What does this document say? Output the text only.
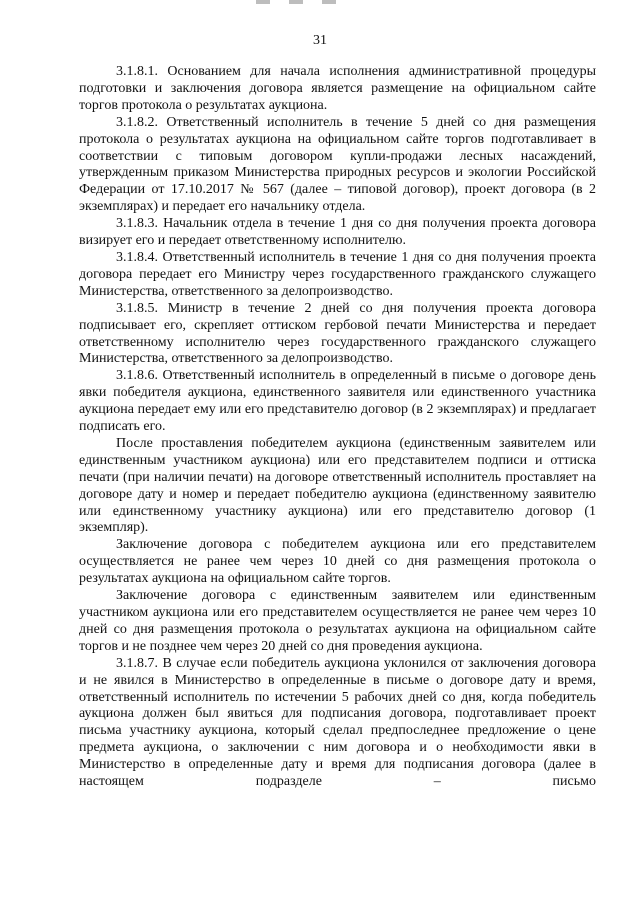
31

3.1.8.1. Основанием для начала исполнения административной процедуры подготовки и заключения договора является размещение на официальном сайте торгов протокола о результатах аукциона.

3.1.8.2. Ответственный исполнитель в течение 5 дней со дня размещения протокола о результатах аукциона на официальном сайте торгов подготавливает в соответствии с типовым договором купли-продажи лесных насаждений, утвержденным приказом Министерства природных ресурсов и экологии Российской Федерации от 17.10.2017 № 567 (далее – типовой договор), проект договора (в 2 экземплярах) и передает его начальнику отдела.

3.1.8.3. Начальник отдела в течение 1 дня со дня получения проекта договора визирует его и передает ответственному исполнителю.

3.1.8.4. Ответственный исполнитель в течение 1 дня со дня получения проекта договора передает его Министру через государственного гражданского служащего Министерства, ответственного за делопроизводство.

3.1.8.5. Министр в течение 2 дней со дня получения проекта договора подписывает его, скрепляет оттиском гербовой печати Министерства и передает ответственному исполнителю через государственного гражданского служащего Министерства, ответственного за делопроизводство.

3.1.8.6. Ответственный исполнитель в определенный в письме о договоре день явки победителя аукциона, единственного заявителя или единственного участника аукциона передает ему или его представителю договор (в 2 экземплярах) и предлагает подписать его.

После проставления победителем аукциона (единственным заявителем или единственным участником аукциона) или его представителем подписи и оттиска печати (при наличии печати) на договоре ответственный исполнитель проставляет на договоре дату и номер и передает победителю аукциона (единственному заявителю или единственному участнику аукциона) или его представителю договор (1 экземпляр).

Заключение договора с победителем аукциона или его представителем осуществляется не ранее чем через 10 дней со дня размещения протокола о результатах аукциона на официальном сайте торгов.

Заключение договора с единственным заявителем или единственным участником аукциона или его представителем осуществляется не ранее чем через 10 дней со дня размещения протокола о результатах аукциона на официальном сайте торгов и не позднее чем через 20 дней со дня проведения аукциона.

3.1.8.7. В случае если победитель аукциона уклонился от заключения договора и не явился в Министерство в определенные в письме о договоре дату и время, ответственный исполнитель по истечении 5 рабочих дней со дня, когда победитель аукциона должен был явиться для подписания договора, подготавливает проект письма участнику аукциона, который сделал предпоследнее предложение о цене предмета аукциона, о заключении с ним договора и о необходимости явки в Министерство в определенные дату и время для подписания договора (далее в настоящем подразделе – письмо
